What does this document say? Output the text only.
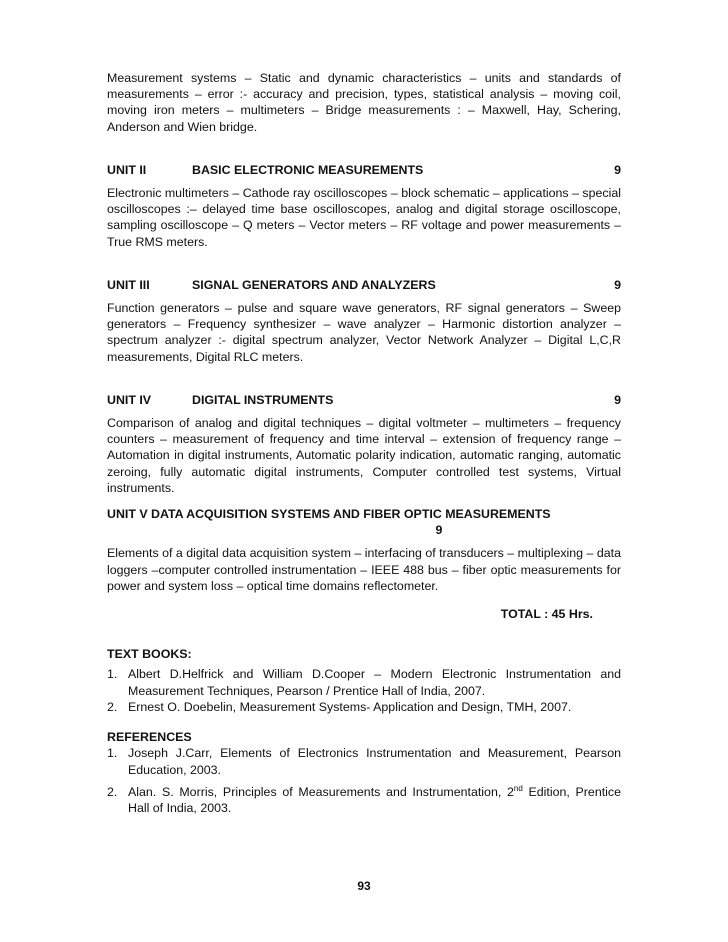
Measurement systems – Static and dynamic characteristics – units and standards of measurements – error :- accuracy and precision, types, statistical analysis – moving coil, moving iron meters – multimeters – Bridge measurements : – Maxwell, Hay, Schering, Anderson and Wien bridge.

UNIT II	BASIC ELECTRONIC MEASUREMENTS	9

Electronic multimeters – Cathode ray oscilloscopes – block schematic – applications – special oscilloscopes :– delayed time base oscilloscopes, analog and digital storage oscilloscope, sampling oscilloscope – Q meters – Vector meters – RF voltage and power measurements – True RMS meters.

UNIT III	SIGNAL GENERATORS AND ANALYZERS	9

Function generators – pulse and square wave generators, RF signal generators – Sweep generators – Frequency synthesizer – wave analyzer – Harmonic distortion analyzer – spectrum analyzer :- digital spectrum analyzer, Vector Network Analyzer – Digital L,C,R measurements, Digital RLC meters.

UNIT IV	DIGITAL INSTRUMENTS	9

Comparison of analog and digital techniques – digital voltmeter – multimeters – frequency counters – measurement of frequency and time interval – extension of frequency range – Automation in digital instruments, Automatic polarity indication, automatic ranging, automatic zeroing, fully automatic digital instruments, Computer controlled test systems, Virtual instruments.

UNIT V DATA ACQUISITION SYSTEMS AND FIBER OPTIC MEASUREMENTS
9

Elements of a digital data acquisition system – interfacing of transducers – multiplexing – data loggers –computer controlled instrumentation – IEEE 488 bus – fiber optic measurements for power and system loss – optical time domains reflectometer.

TOTAL : 45 Hrs.

TEXT BOOKS:

1. Albert D.Helfrick and William D.Cooper – Modern Electronic Instrumentation and Measurement Techniques, Pearson / Prentice Hall of India, 2007.
2. Ernest O. Doebelin, Measurement Systems- Application and Design, TMH, 2007.

REFERENCES

1. Joseph J.Carr, Elements of Electronics Instrumentation and Measurement, Pearson Education, 2003.
2. Alan. S. Morris, Principles of Measurements and Instrumentation, 2nd Edition, Prentice Hall of India, 2003.
93
